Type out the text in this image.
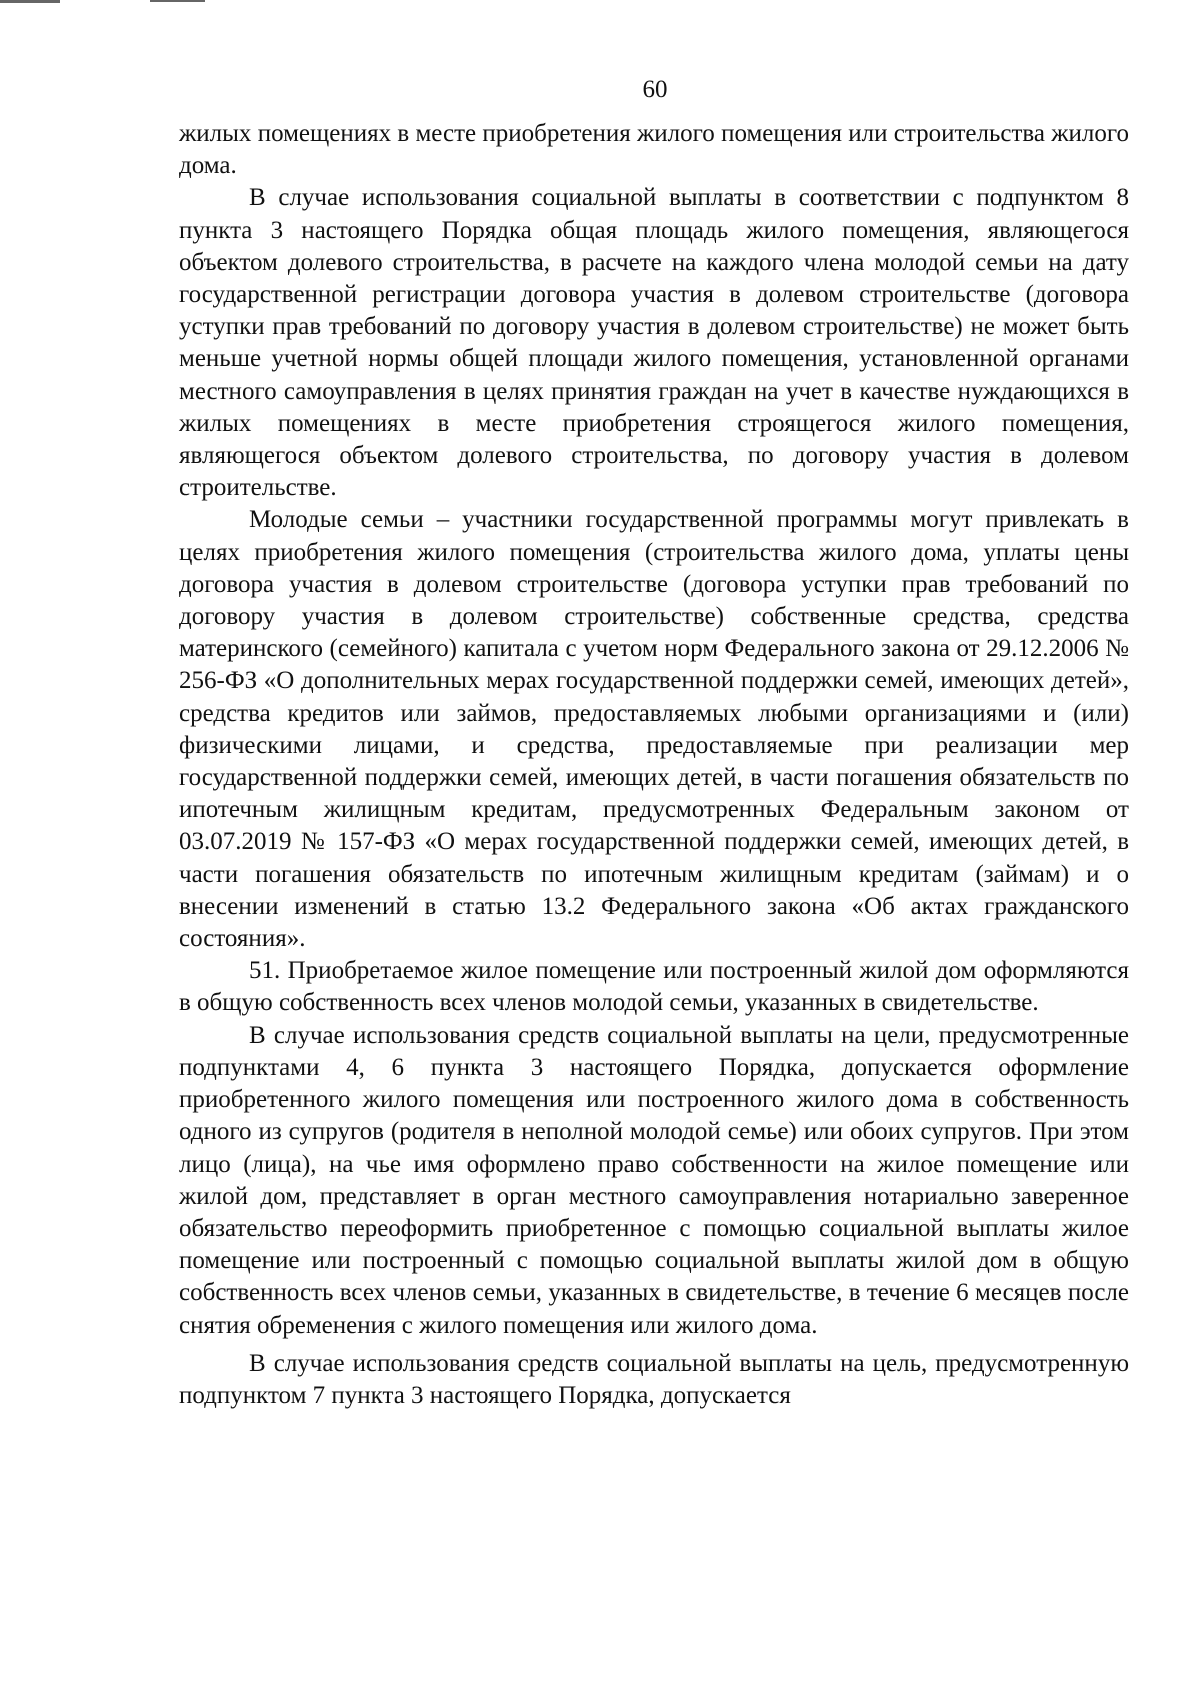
60

жилых помещениях в месте приобретения жилого помещения или строительства жилого дома.

В случае использования социальной выплаты в соответствии с подпунктом 8 пункта 3 настоящего Порядка общая площадь жилого помещения, являющегося объектом долевого строительства, в расчете на каждого члена молодой семьи на дату государственной регистрации договора участия в долевом строительстве (договора уступки прав требований по договору участия в долевом строительстве) не может быть меньше учетной нормы общей площади жилого помещения, установленной органами местного самоуправления в целях принятия граждан на учет в качестве нуждающихся в жилых помещениях в месте приобретения строящегося жилого помещения, являющегося объектом долевого строительства, по договору участия в долевом строительстве.

Молодые семьи – участники государственной программы могут привлекать в целях приобретения жилого помещения (строительства жилого дома, уплаты цены договора участия в долевом строительстве (договора уступки прав требований по договору участия в долевом строительстве) собственные средства, средства материнского (семейного) капитала с учетом норм Федерального закона от 29.12.2006 № 256-ФЗ «О дополнительных мерах государственной поддержки семей, имеющих детей», средства кредитов или займов, предоставляемых любыми организациями и (или) физическими лицами, и средства, предоставляемые при реализации мер государственной поддержки семей, имеющих детей, в части погашения обязательств по ипотечным жилищным кредитам, предусмотренных Федеральным законом от 03.07.2019 № 157-ФЗ «О мерах государственной поддержки семей, имеющих детей, в части погашения обязательств по ипотечным жилищным кредитам (займам) и о внесении изменений в статью 13.2 Федерального закона «Об актах гражданского состояния».

51. Приобретаемое жилое помещение или построенный жилой дом оформляются в общую собственность всех членов молодой семьи, указанных в свидетельстве.

В случае использования средств социальной выплаты на цели, предусмотренные подпунктами 4, 6 пункта 3 настоящего Порядка, допускается оформление приобретенного жилого помещения или построенного жилого дома в собственность одного из супругов (родителя в неполной молодой семье) или обоих супругов. При этом лицо (лица), на чье имя оформлено право собственности на жилое помещение или жилой дом, представляет в орган местного самоуправления нотариально заверенное обязательство переоформить приобретенное с помощью социальной выплаты жилое помещение или построенный с помощью социальной выплаты жилой дом в общую собственность всех членов семьи, указанных в свидетельстве, в течение 6 месяцев после снятия обременения с жилого помещения или жилого дома.

В случае использования средств социальной выплаты на цель, предусмотренную подпунктом 7 пункта 3 настоящего Порядка, допускается
